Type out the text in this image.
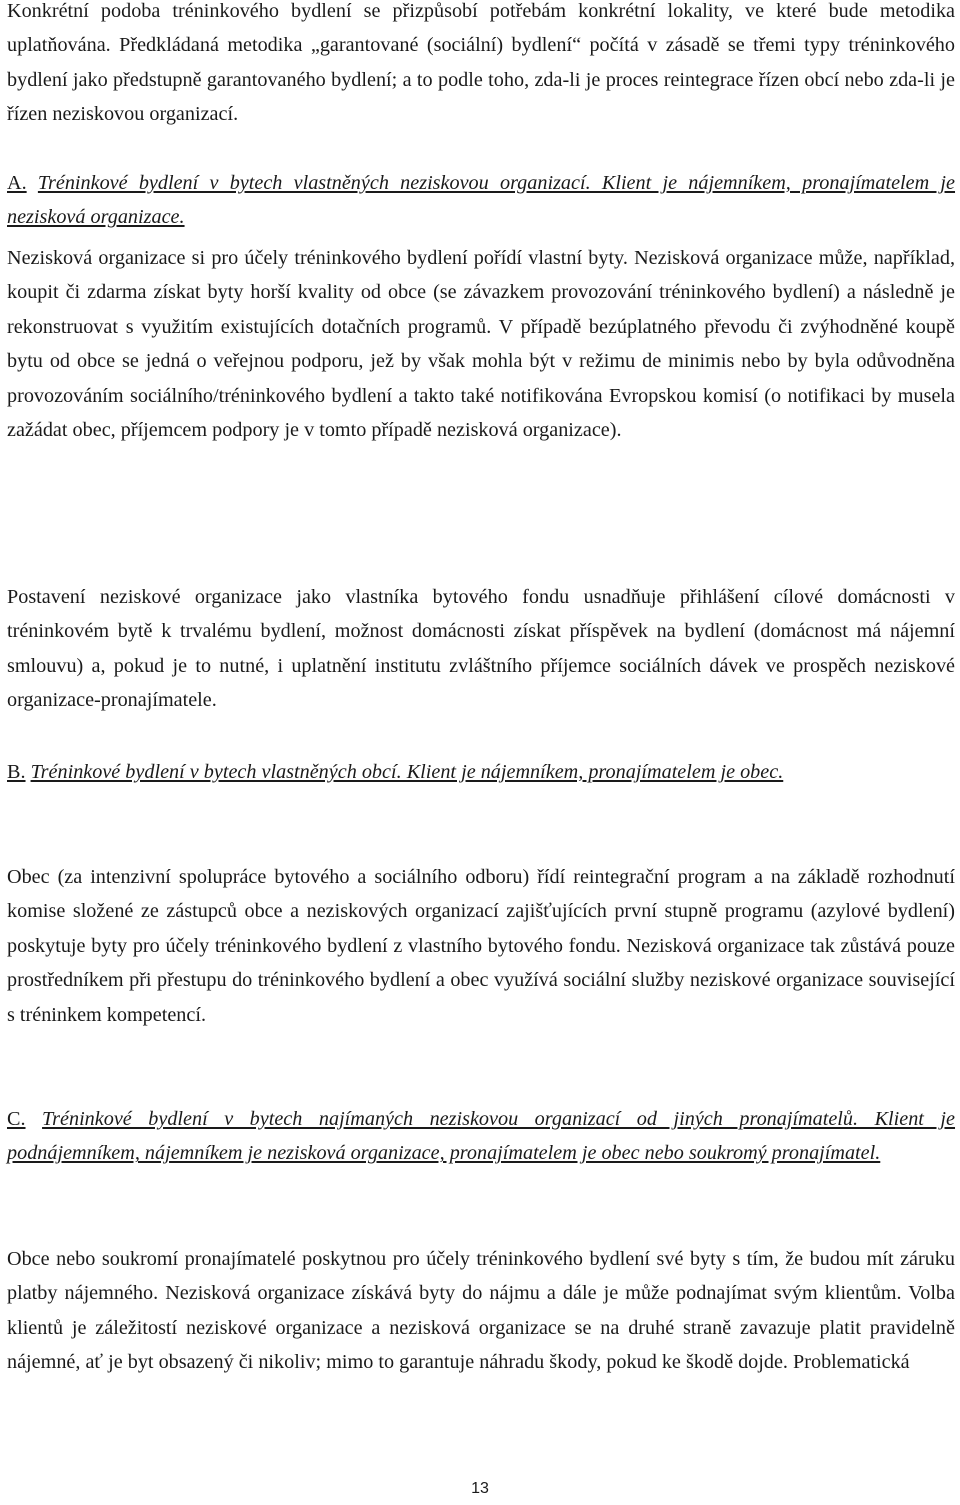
Konkrétní podoba tréninkového bydlení se přizpůsobí potřebám konkrétní lokality, ve které bude metodika uplatňována. Předkládaná metodika „garantované (sociální) bydlení“ počítá v zásadě se třemi typy tréninkového bydlení jako předstupně garantovaného bydlení; a to podle toho, zda-li je proces reintegrace řízen obcí nebo zda-li je řízen neziskovou organizací.

A. Tréninkové bydlení v bytech vlastněných neziskovou organizací. Klient je nájemníkem, pronajímatelem je nezisková organizace.

Nezisková organizace si pro účely tréninkového bydlení pořídí vlastní byty. Nezisková organizace může, například, koupit či zdarma získat byty horší kvality od obce (se závazkem provozování tréninkového bydlení) a následně je rekonstruovat s využitím existujících dotačních programů. V případě bezúplatného převodu či zvýhodněné koupě bytu od obce se jedná o veřejnou podporu, jež by však mohla být v režimu de minimis nebo by byla odůvodněna provozováním sociálního/tréninkového bydlení a takto také notifikována Evropskou komisí (o notifikaci by musela zažádat obec, příjemcem podpory je v tomto případě nezisková organizace).

Postavení neziskové organizace jako vlastníka bytového fondu usnadňuje přihlášení cílové domácnosti v tréninkovém bytě k trvalému bydlení, možnost domácnosti získat příspěvek na bydlení (domácnost má nájemní smlouvu) a, pokud je to nutné, i uplatnění institutu zvláštního příjemce sociálních dávek ve prospěch neziskové organizace-pronajímatele.

B. Tréninkové bydlení v bytech vlastněných obcí. Klient je nájemníkem, pronajímatelem je obec.

Obec (za intenzivní spolupráce bytového a sociálního odboru) řídí reintegrační program a na základě rozhodnutí komise složené ze zástupců obce a neziskových organizací zajišťujících první stupně programu (azylové bydlení) poskytuje byty pro účely tréninkového bydlení z vlastního bytového fondu. Nezisková organizace tak zůstává pouze prostředníkem při přestupu do tréninkového bydlení a obec využívá sociální služby neziskové organizace související s tréninkem kompetencí.

C. Tréninkové bydlení v bytech najímaných neziskovou organizací od jiných pronajímatelů. Klient je podnájemníkem, nájemníkem je nezisková organizace, pronajímatelem je obec nebo soukromý pronajímatel.

Obce nebo soukromí pronajímatelé poskytnou pro účely tréninkového bydlení své byty s tím, že budou mít záruku platby nájemného. Nezisková organizace získává byty do nájmu a dále je může podnajímat svým klientům. Volba klientů je záležitostí neziskové organizace a nezisková organizace se na druhé straně zavazuje platit pravidelně nájemné, ať je byt obsazený či nikoliv; mimo to garantuje náhradu škody, pokud ke škodě dojde. Problematická

13
